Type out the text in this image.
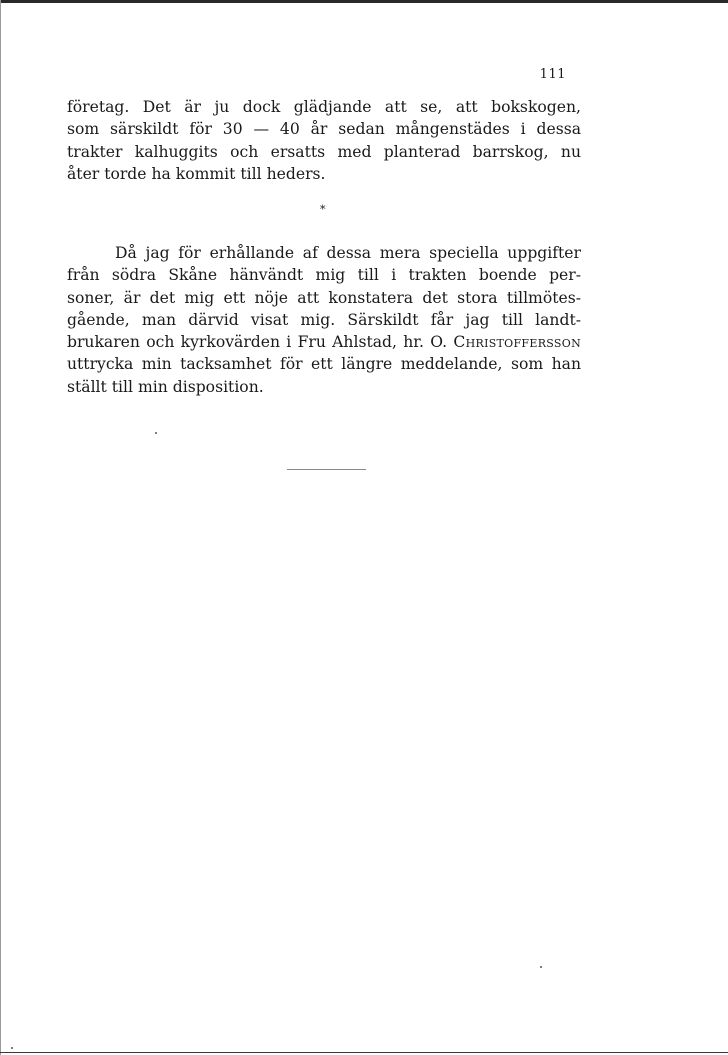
111

företag. Det är ju dock glädjande att se, att bokskogen,
som särskildt för 30 — 40 år sedan mångenstädes i dessa
trakter kalhuggits och ersatts med planterad barrskog, nu
åter torde ha kommit till heders.

*

Då jag för erhållande af dessa mera speciella uppgifter
från södra Skåne hänvändt mig till i trakten boende per-
soner, är det mig ett nöje att konstatera det stora tillmötes-
gående, man därvid visat mig. Särskildt får jag till landt-
brukaren och kyrkovärden i Fru Ahlstad, hr. O. Christoffersson
uttrycka min tacksamhet för ett längre meddelande, som han
ställt till min disposition.
